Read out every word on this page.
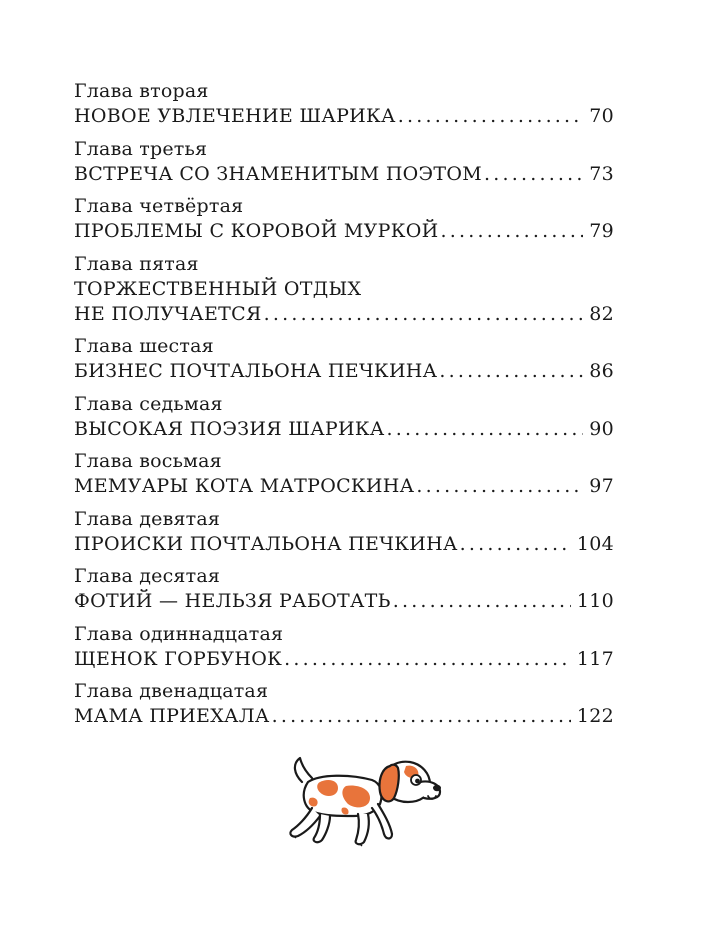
Глава вторая
НОВОЕ УВЛЕЧЕНИЕ ШАРИКА .....	70
Глава третья
ВСТРЕЧА СО ЗНАМЕНИТЫМ ПОЭТОМ .....	73
Глава четвёртая
ПРОБЛЕМЫ С КОРОВОЙ МУРКОЙ .....	79
Глава пятая
ТОРЖЕСТВЕННЫЙ ОТДЫХ
НЕ ПОЛУЧАЕТСЯ .....	82
Глава шестая
БИЗНЕС ПОЧТАЛЬОНА ПЕЧКИНА .....	86
Глава седьмая
ВЫСОКАЯ ПОЭЗИЯ ШАРИКА .....	90
Глава восьмая
МЕМУАРЫ КОТА МАТРОСКИНА .....	97
Глава девятая
ПРОИСКИ ПОЧТАЛЬОНА ПЕЧКИНА .....	104
Глава десятая
ФОТИЙ — НЕЛЬЗЯ РАБОТАТЬ .....	110
Глава одиннадцатая
ЩЕНОК ГОРБУНОК .....	117
Глава двенадцатая
МАМА ПРИЕХАЛА .....	122
